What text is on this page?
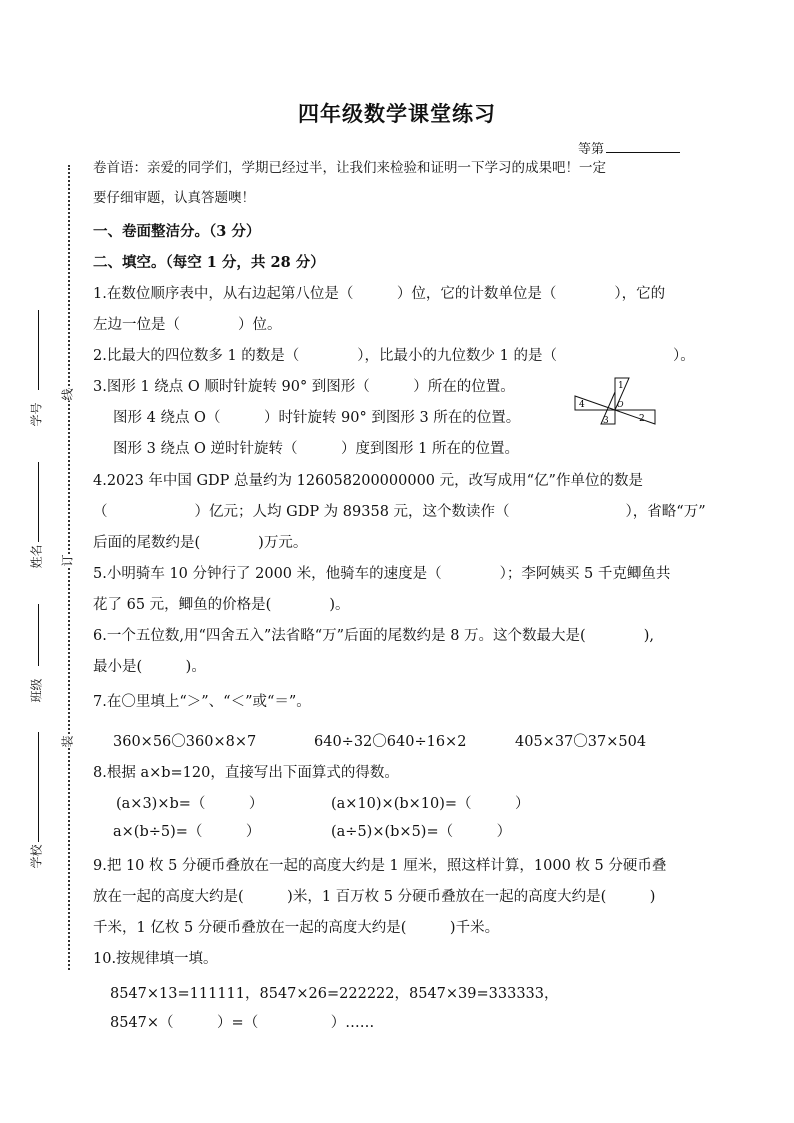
四年级数学课堂练习
等第
线
订
装
学号
姓名
班级
学校
卷首语：亲爱的同学们，学期已经过半，让我们来检验和证明一下学习的成果吧！一定
要仔细审题，认真答题噢！
一、卷面整洁分。（3 分）
二、填空。（每空 1 分，共 28 分）
1.在数位顺序表中，从右边起第八位是（　　　）位，它的计数单位是（　　　　），它的
左边一位是（　　　　）位。
2.比最大的四位数多 1 的数是（　　　　），比最小的九位数少 1 的是（　　　　　　　　）。
3.图形 1 绕点 O 顺时针旋转 90° 到图形（　　　）所在的位置。
图形 4 绕点 O（　　　）时针旋转 90° 到图形 3 所在的位置。
图形 3 绕点 O 逆时针旋转（　　　）度到图形 1 所在的位置。
1
2
3
4	O
4.2023 年中国 GDP 总量约为 126058200000000 元，改写成用“亿”作单位的数是
（　　　　　　）亿元；人均 GDP 为 89358 元，这个数读作（　　　　　　　　），省略“万”
后面的尾数约是(　　　　)万元。
5.小明骑车 10 分钟行了 2000 米，他骑车的速度是（　　　　）；李阿姨买 5 千克鲫鱼共
花了 65 元，鲫鱼的价格是(　　　　)。
6.一个五位数,用“四舍五入”法省略“万”后面的尾数约是 8 万。这个数最大是(　　　　),
最小是(　　　)。
7.在〇里填上“＞”、“＜”或“＝”。
360×56〇360×8×7	640÷32〇640÷16×2	405×37〇37×504
8.根据 a×b=120，直接写出下面算式的得数。
(a×3)×b=（　　　）	(a×10)×(b×10)=（　　　）
a×(b÷5)=（　　　）	(a÷5)×(b×5)=（　　　）
9.把 10 枚 5 分硬币叠放在一起的高度大约是 1 厘米，照这样计算，1000 枚 5 分硬币叠
放在一起的高度大约是(　　　)米，1 百万枚 5 分硬币叠放在一起的高度大约是(　　　)
千米，1 亿枚 5 分硬币叠放在一起的高度大约是(　　　)千米。
10.按规律填一填。
8547×13=111111，8547×26=222222，8547×39=333333，
8547×（　　　）=（　　　　　）……
